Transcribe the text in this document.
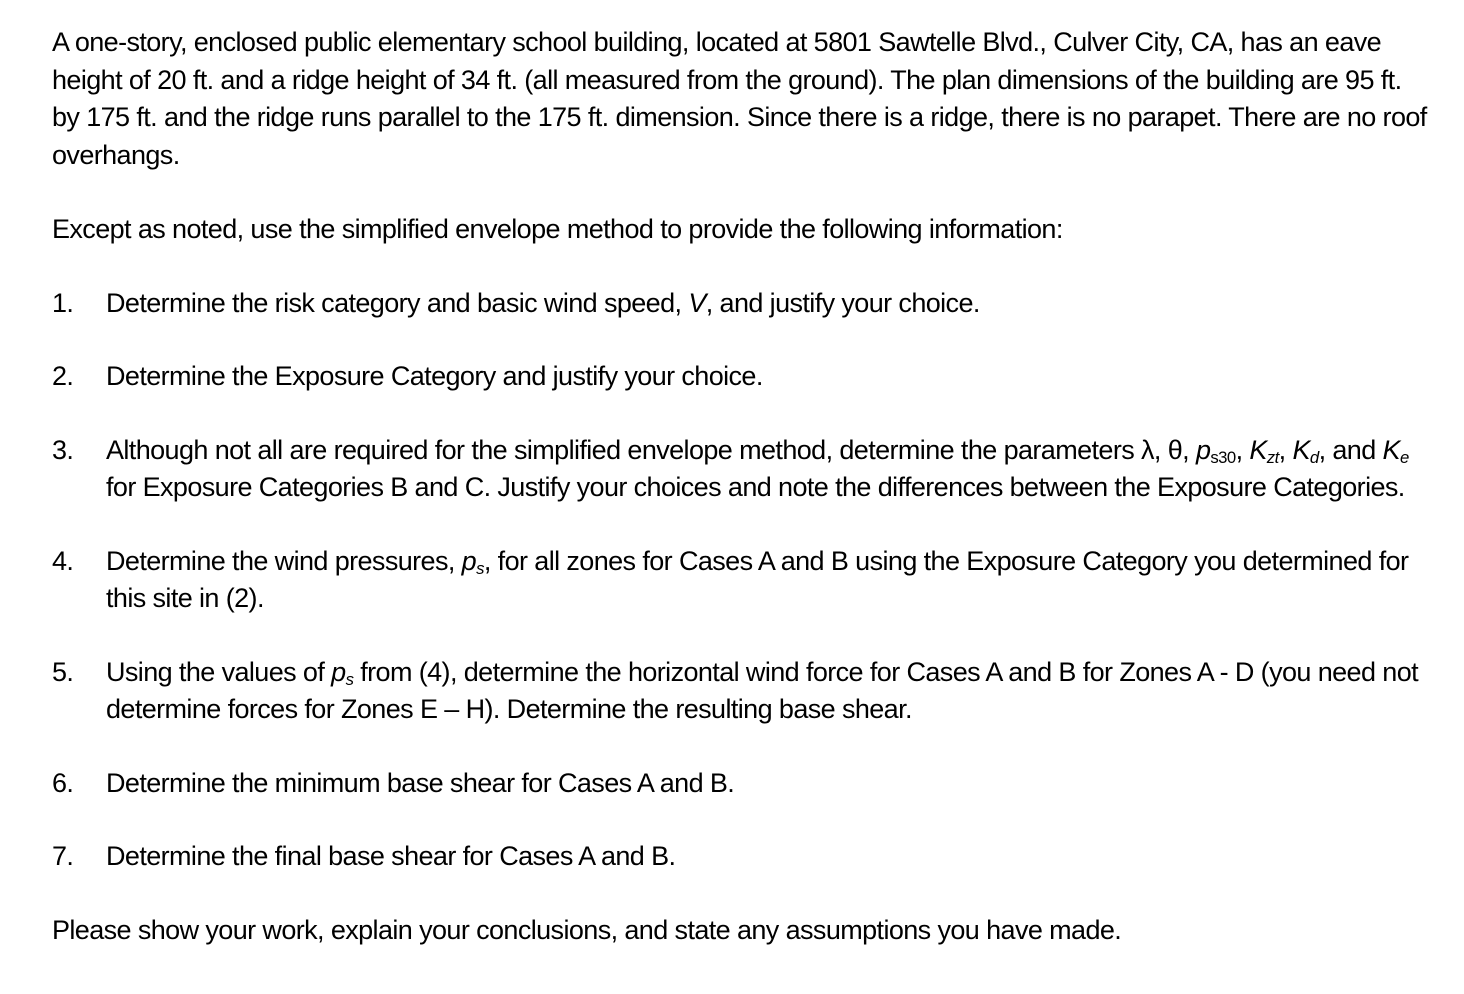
A one-story, enclosed public elementary school building, located at 5801 Sawtelle Blvd., Culver City, CA, has an eave height of 20 ft. and a ridge height of 34 ft. (all measured from the ground). The plan dimensions of the building are 95 ft. by 175 ft. and the ridge runs parallel to the 175 ft. dimension. Since there is a ridge, there is no parapet. There are no roof overhangs.

Except as noted, use the simplified envelope method to provide the following information:

1.	Determine the risk category and basic wind speed, V, and justify your choice.
2.	Determine the Exposure Category and justify your choice.
3.	Although not all are required for the simplified envelope method, determine the parameters λ, θ, $p_{s30}$, $K_{zt}$, $K_d$, and $K_e$ for Exposure Categories B and C. Justify your choices and note the differences between the Exposure Categories.
4.	Determine the wind pressures, $p_s$, for all zones for Cases A and B using the Exposure Category you determined for this site in (2).
5.	Using the values of $p_s$ from (4), determine the horizontal wind force for Cases A and B for Zones A - D (you need not determine forces for Zones E – H). Determine the resulting base shear.
6.	Determine the minimum base shear for Cases A and B.
7.	Determine the final base shear for Cases A and B.

Please show your work, explain your conclusions, and state any assumptions you have made.
